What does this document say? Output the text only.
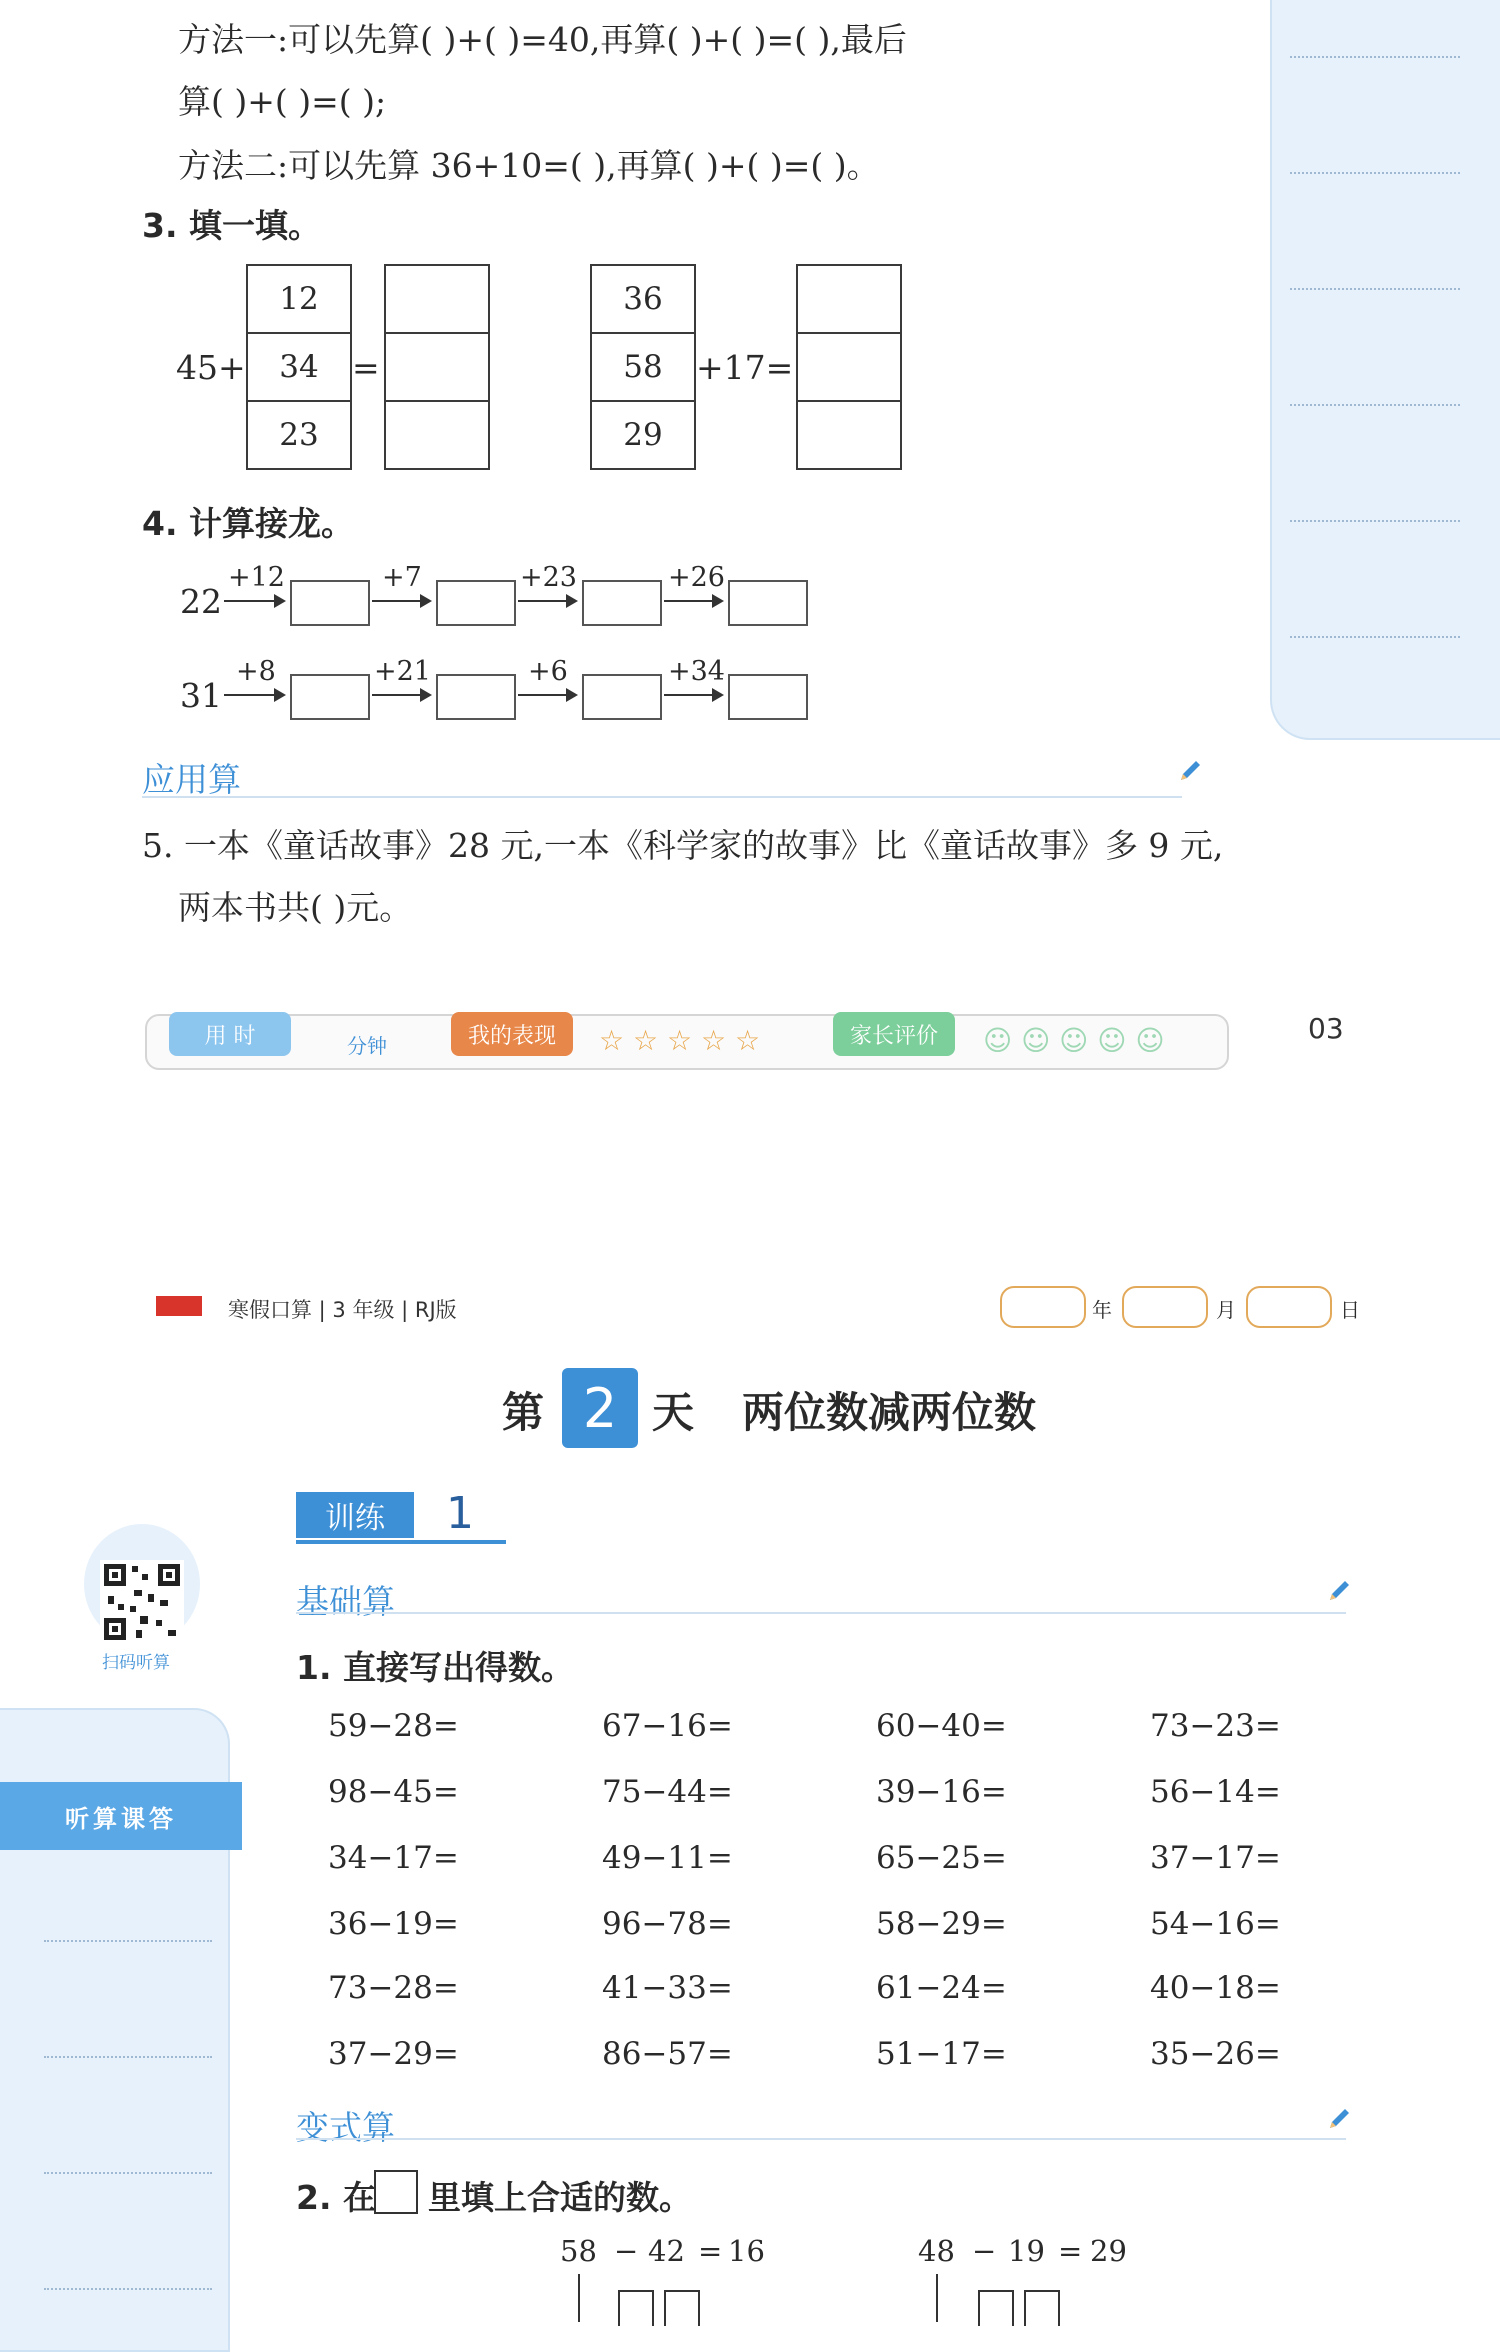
方法一:可以先算( )+( )=40,再算( )+( )=( ),最后
算( )+( )=( );
方法二:可以先算 36+10=( ),再算( )+( )=( )。
3. 填一填。
45+
12
34
23
=
36
58
29
+17=
4. 计算接龙。
22
+12	+7	+23	+26
31
+8	+21	+6	+34
应用算
5. 一本《童话故事》28 元,一本《科学家的故事》比《童话故事》多 9 元,
两本书共( )元。
用 时	分钟	我的表现	☆ ☆ ☆ ☆ ☆	家长评价	☺ ☺ ☺ ☺ ☺	03
寒假口算 | 3 年级 | RJ版	年	月	日
第 2 天 两位数减两位数
训练	1
扫码听算
听算课答
基础算
1. 直接写出得数。
59−28=	67−16=	60−40=	73−23=
98−45=	75−44=	39−16=	56−14=
34−17=	49−11=	65−25=	37−17=
36−19=	96−78=	58−29=	54−16=
73−28=	41−33=	61−24=	40−18=
37−29=	86−57=	51−17=	35−26=
变式算
2. 在 里填上合适的数。
58 − 42 = 16	48 − 19 = 29
